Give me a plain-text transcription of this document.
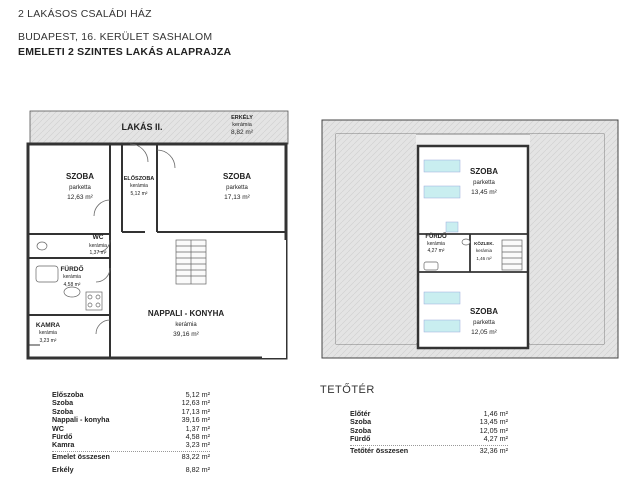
2 LAKÁSOS CSALÁDI HÁZ
BUDAPEST, 16. KERÜLET SASHALOM
EMELETI 2 SZINTES LAKÁS ALAPRAJZA
LAKÁS II.
ERKÉLY
kerámia
8,82 m²
SZOBA
parketta
12,63 m²
ELŐSZOBA
kerámia
5,12 m²
SZOBA
parketta
17,13 m²
WC
kerámia
1,37 m²
FÜRDŐ
kerámia
4,58 m²
NAPPALI - KONYHA
kerámia
39,16 m²
KAMRA
kerámia
3,23 m²
SZOBA
parketta
13,45 m²
FÜRDŐ
kerámia
4,27 m²
KÖZLEK.
kerámia
1,46 m²
SZOBA
parketta
12,05 m²
Előszoba	5,12 m²
Szoba	12,63 m²
Szoba	17,13 m²
Nappali - konyha	39,16 m²
WC	1,37 m²
Fürdő	4,58 m²
Kamra	3,23 m²
Emelet összesen	83,22 m²
Erkély	8,82 m²
TETŐTÉR
Előtér	1,46 m²
Szoba	13,45 m²
Szoba	12,05 m²
Fürdő	4,27 m²
Tetőtér összesen	32,36 m²
